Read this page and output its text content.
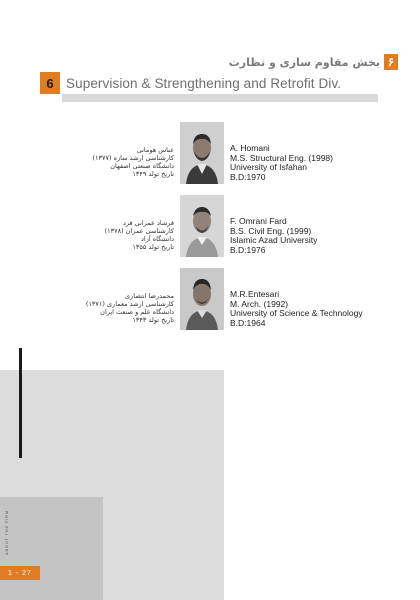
۶
بخش مقاوم سازی و نظارت
6 Supervision & Strengthening and Retrofit Div.
عباس هومانی
کارشناسی ارشد سازه (۱۳۷۷)
دانشگاه صنعتی اصفهان
تاریخ تولد ۱۳۴۹
A. Homani
M.S. Structural Eng. (1998)
University of Isfahan
B.D:1970
فرشاد عمرانی فرد
کارشناسی عمران (۱۳۷۸)
دانشگاه آزاد
تاریخ تولد ۱۳۵۵
F. Omrani Fard
B.S. Civil Eng. (1999)
Islamic Azad University
B.D:1976
محمدرضا انتصاری
کارشناسی ارشد معماری (۱۳۷۱)
دانشگاه علم و صنعت ایران
تاریخ تولد ۱۳۴۳
M.R.Entesari
M. Arch. (1992)
University of Science & Technology
B.D:1964
ABOUT THE FIRM
1 - 27
